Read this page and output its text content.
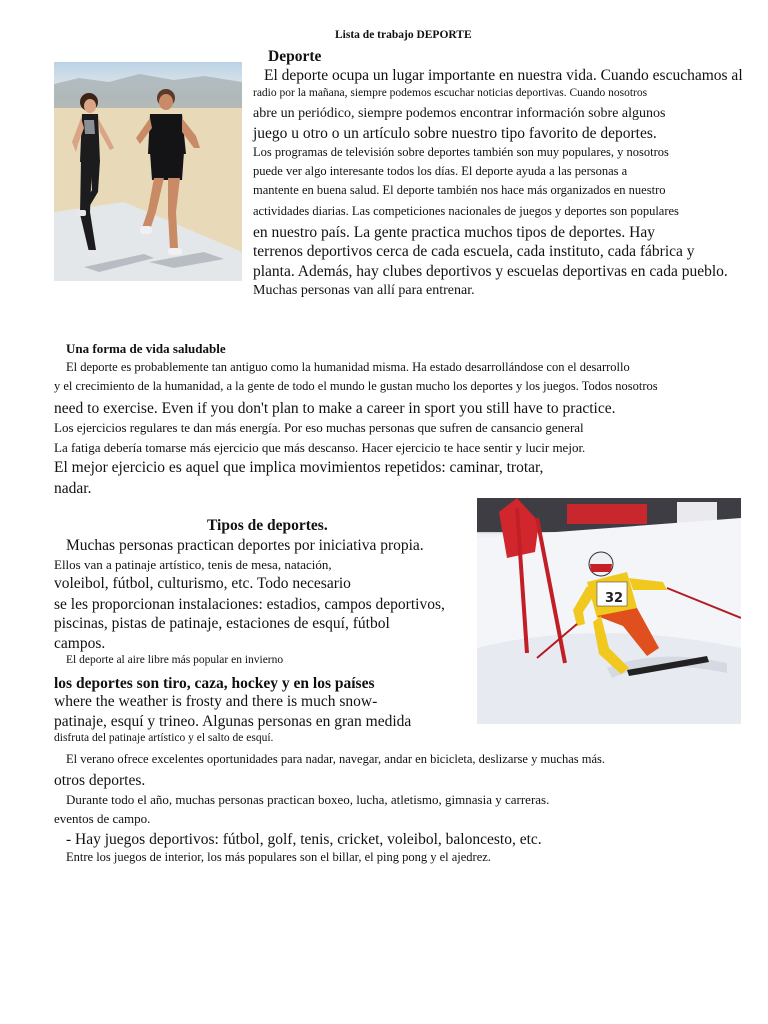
Lista de trabajo DEPORTE
Deporte
El deporte ocupa un lugar importante en nuestra vida. Cuando escuchamos al
radio por la mañana, siempre podemos escuchar noticias deportivas. Cuando nosotros
abre un periódico, siempre podemos encontrar información sobre algunos
juego u otro o un artículo sobre nuestro tipo favorito de deportes.
Los programas de televisión sobre deportes también son muy populares, y nosotros
puede ver algo interesante todos los días. El deporte ayuda a las personas a
mantente en buena salud. El deporte también nos hace más organizados en nuestro
actividades diarias. Las competiciones nacionales de juegos y deportes son populares
en nuestro país. La gente practica muchos tipos de deportes. Hay
terrenos deportivos cerca de cada escuela, cada instituto, cada fábrica y
planta. Además, hay clubes deportivos y escuelas deportivas en cada pueblo.
Muchas personas van allí para entrenar.
Una forma de vida saludable
El deporte es probablemente tan antiguo como la humanidad misma. Ha estado desarrollándose con el desarrollo
y el crecimiento de la humanidad, a la gente de todo el mundo le gustan mucho los deportes y los juegos. Todos nosotros
need to exercise. Even if you don't plan to make a career in sport you still have to practice.
Los ejercicios regulares te dan más energía. Por eso muchas personas que sufren de cansancio general
La fatiga debería tomarse más ejercicio que más descanso. Hacer ejercicio te hace sentir y lucir mejor.
El mejor ejercicio es aquel que implica movimientos repetidos: caminar, trotar,
nadar.
32
Tipos de deportes.
Muchas personas practican deportes por iniciativa propia.
Ellos van a patinaje artístico, tenis de mesa, natación,
voleibol, fútbol, culturismo, etc. Todo necesario
se les proporcionan instalaciones: estadios, campos deportivos,
piscinas, pistas de patinaje, estaciones de esquí, fútbol
campos.
El deporte al aire libre más popular en invierno
los deportes son tiro, caza, hockey y en los países
where the weather is frosty and there is much snow-
patinaje, esquí y trineo. Algunas personas en gran medida
disfruta del patinaje artístico y el salto de esquí.
El verano ofrece excelentes oportunidades para nadar, navegar, andar en bicicleta, deslizarse y muchas más.
otros deportes.
Durante todo el año, muchas personas practican boxeo, lucha, atletismo, gimnasia y carreras.
eventos de campo.
- Hay juegos deportivos: fútbol, golf, tenis, cricket, voleibol, baloncesto, etc.
Entre los juegos de interior, los más populares son el billar, el ping pong y el ajedrez.
